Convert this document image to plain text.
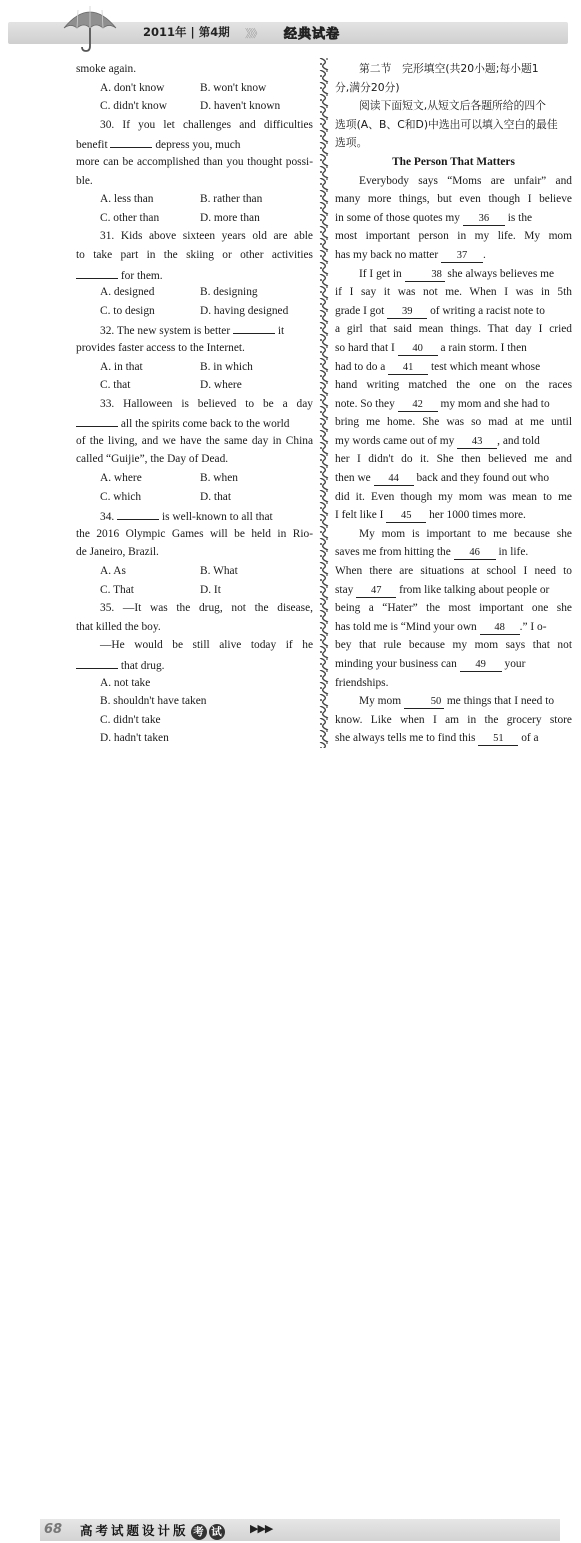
2011年 | 第4期 》》》 经典试卷
smoke again.
A. don't know	B. won't know
C. didn't know	D. haven't known
30. If you let challenges and difficulties
benefit	depress you, much
more can be accomplished than you thought possi-
ble.
A. less than	B. rather than
C. other than	D. more than
31. Kids above sixteen years old are able
to take part in the skiing or other activities
for them.
A. designed	B. designing
C. to design	D. having designed
32. The new system is better	it
provides faster access to the Internet.
A. in that	B. in which
C. that	D. where
33. Halloween is believed to be a day
all the spirits come back to the world
of the living, and we have the same day in China
called “Guijie”, the Day of Dead.
A. where	B. when
C. which	D. that
34.	is well-known to all that
the 2016 Olympic Games will be held in Rio-
de Janeiro, Brazil.
A. As	B. What
C. That	D. It
35. —It was the drug, not the disease,
that killed the boy.
—He would be still alive today if he
that drug.
A. not take
B. shouldn't have taken
C. didn't take
D. hadn't taken
第二节　完形填空(共20小题;每小题1
分,满分20分)
阅读下面短文,从短文后各题所给的四个
选项(A、B、C和D)中选出可以填入空白的最佳
选项。
The Person That Matters
Everybody says “Moms are unfair” and
many more things, but even though I believe
in some of those quotes my 36 is the
most important person in my life. My mom
has my back no matter 37 .
If I get in	38 she always believes me
if I say it was not me. When I was in 5th
grade I got 39 of writing a racist note to
a girl that said mean things. That day I cried
so hard that I 40 a rain storm. I then
had to do a 41 test which meant whose
hand writing matched the one on the races
note. So they 42 my mom and she had to
bring me home. She was so mad at me until
my words came out of my 43 , and told
her I didn't do it. She then believed me and
then we 44 back and they found out who
did it. Even though my mom was mean to me
I felt like I 45 her 1000 times more.
My mom is important to me because she
saves me from hitting the 46 in life.
When there are situations at school I need to
stay 47 from like talking about people or
being a “Hater” the most important one she
has told me is “Mind your own 48 .” I o-
bey that rule because my mom says that not
minding your business can 49 your
friendships.
My mom	50 me things that I need to
know. Like when I am in the grocery store
she always tells me to find this 51 of a
68	高考试题设计版 考 试	▶▶▶
